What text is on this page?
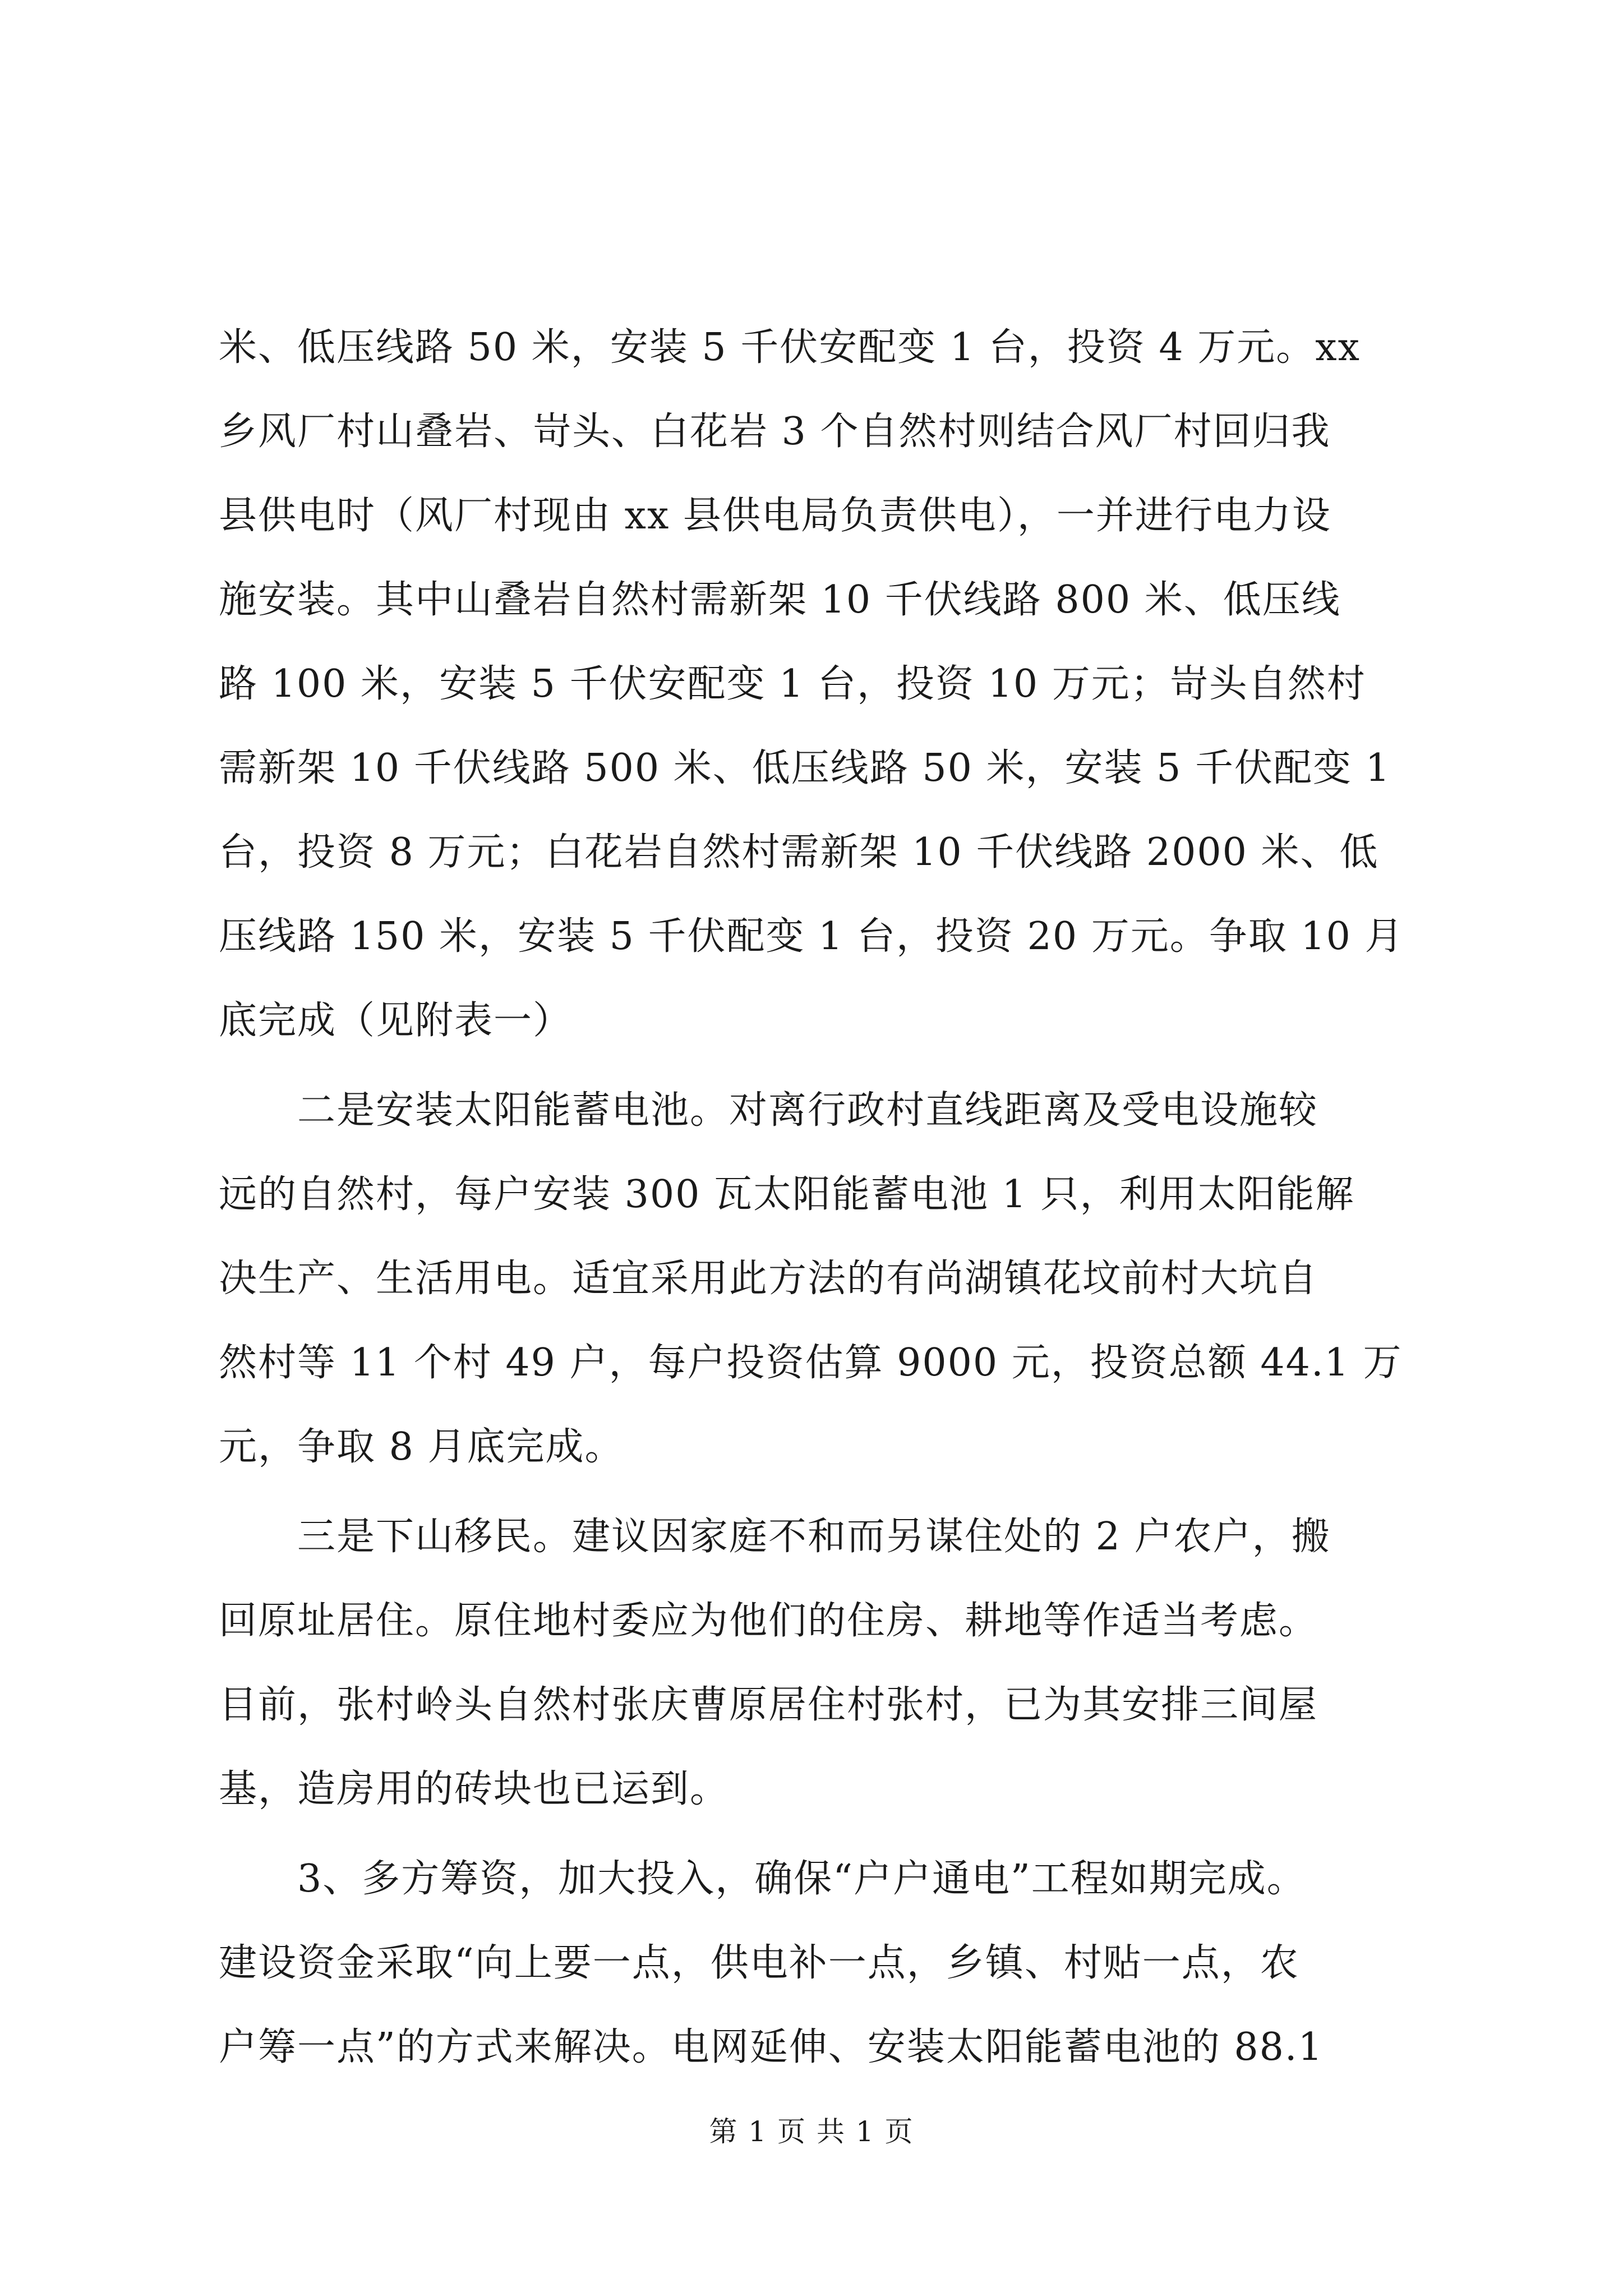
米、低压线路 50 米，安装 5 千伏安配变 1 台，投资 4 万元。xx
乡风厂村山叠岩、岢头、白花岩 3 个自然村则结合风厂村回归我
县供电时（风厂村现由 xx 县供电局负责供电），一并进行电力设
施安装。其中山叠岩自然村需新架 10 千伏线路 800 米、低压线
路 100 米，安装 5 千伏安配变 1 台，投资 10 万元；岢头自然村
需新架 10 千伏线路 500 米、低压线路 50 米，安装 5 千伏配变 1
台，投资 8 万元；白花岩自然村需新架 10 千伏线路 2000 米、低
压线路 150 米，安装 5 千伏配变 1 台，投资 20 万元。争取 10 月
底完成（见附表一）
　　二是安装太阳能蓄电池。对离行政村直线距离及受电设施较
远的自然村，每户安装 300 瓦太阳能蓄电池 1 只，利用太阳能解
决生产、生活用电。适宜采用此方法的有尚湖镇花坟前村大坑自
然村等 11 个村 49 户，每户投资估算 9000 元，投资总额 44.1 万
元，争取 8 月底完成。
　　三是下山移民。建议因家庭不和而另谋住处的 2 户农户，搬
回原址居住。原住地村委应为他们的住房、耕地等作适当考虑。
目前，张村岭头自然村张庆曹原居住村张村，已为其安排三间屋
基，造房用的砖块也已运到。
　　3、多方筹资，加大投入，确保“户户通电”工程如期完成。
建设资金采取“向上要一点，供电补一点，乡镇、村贴一点，农
户筹一点”的方式来解决。电网延伸、安装太阳能蓄电池的 88.1
第 1 页 共 1 页
